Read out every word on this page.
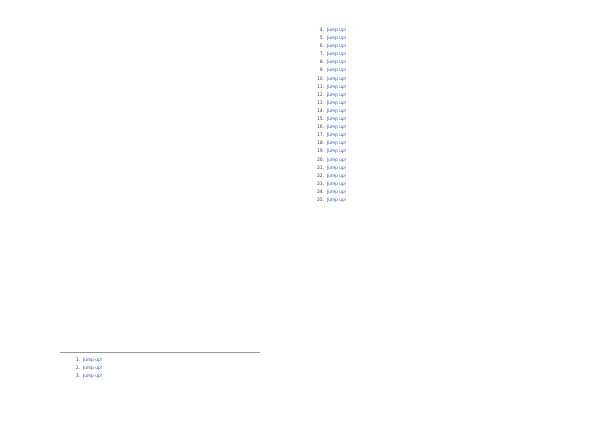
1. Jump up!
2. Jump up!
3. Jump up!
4. Jump up!
5. Jump up!
6. Jump up!
7. Jump up!
8. Jump up!
9. Jump up!
10. Jump up!
11. Jump up!
12. Jump up!
13. Jump up!
14. Jump up!
15. Jump up!
16. Jump up!
17. Jump up!
18. Jump up!
19. Jump up!
20. Jump up!
21. Jump up!
22. Jump up!
23. Jump up!
24. Jump up!
25. Jump up!
